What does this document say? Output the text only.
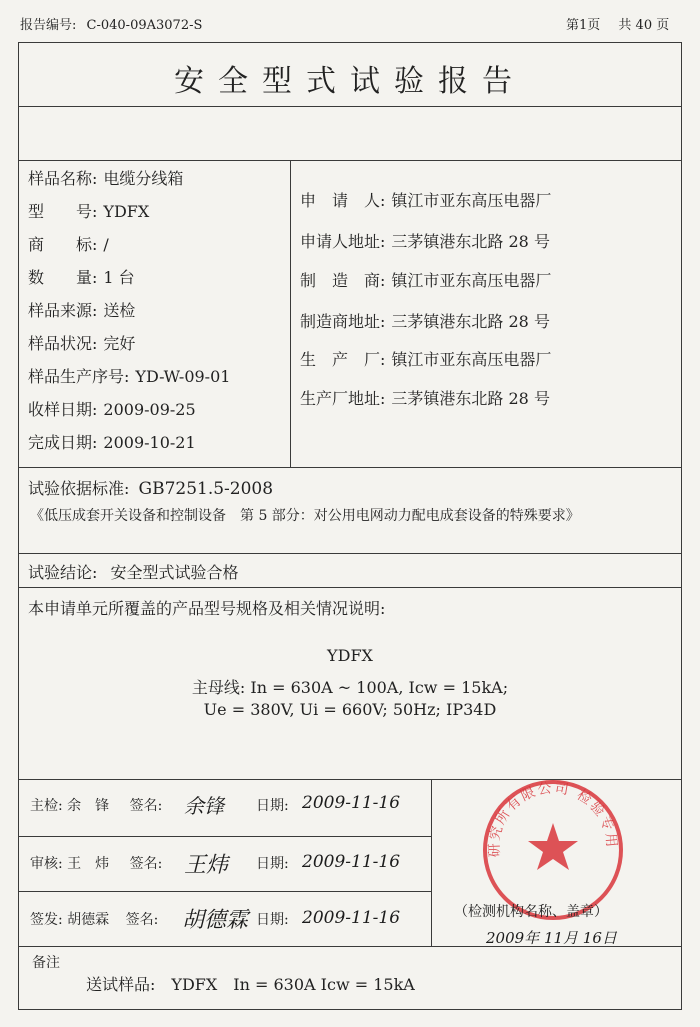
报告编号: C-040-09A3072-S	第1页 共 40 页
安全型式试验报告
样品名称: 电缆分线箱
型　　号: YDFX
商　　标: /
数　　量: 1 台
样品来源: 送检
样品状况: 完好
样品生产序号: YD-W-09-01
收样日期: 2009-09-25
完成日期: 2009-10-21
申　请　人: 镇江市亚东高压电器厂
申请人地址: 三茅镇港东北路 28 号
制　造　商: 镇江市亚东高压电器厂
制造商地址: 三茅镇港东北路 28 号
生　产　厂: 镇江市亚东高压电器厂
生产厂地址: 三茅镇港东北路 28 号
试验依据标准: GB7251.5-2008
《低压成套开关设备和控制设备　第 5 部分：对公用电网动力配电成套设备的特殊要求》
试验结论: 安全型式试验合格
本申请单元所覆盖的产品型号规格及相关情况说明:
YDFX
主母线: In = 630A ~ 100A, Icw = 15kA;
Ue = 380V, Ui = 660V; 50Hz; IP34D
主检: 余　锋 签名: 余锋 日期: 2009-11-16
审核: 王　炜 签名: 王炜 日期: 2009-11-16
签发: 胡德霖 签名: 胡德霖 日期: 2009-11-16
研究所有限公司 检验专用
（检测机构名称、盖章）
2009年 11月 16日
备注
送试样品:　YDFX　In = 630A Icw = 15kA
